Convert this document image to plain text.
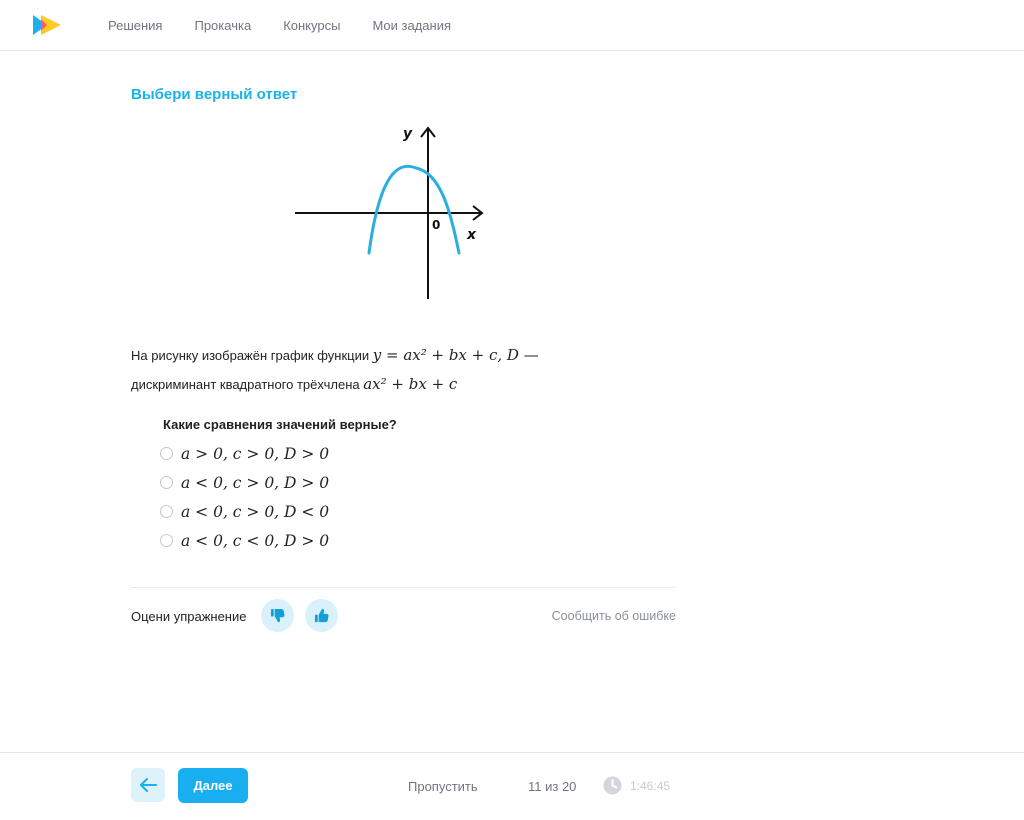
Решения Прокачка Конкурсы Мои задания
Выбери верный ответ
y
x
0
На рисунку изображён график функции y = ax² + bx + c, D —
дискриминант квадратного трёхчлена ax² + bx + c
Какие сравнения значений верные?
a > 0, c > 0, D > 0
a < 0, c > 0, D > 0
a < 0, c > 0, D < 0
a < 0, c < 0, D > 0
Оцени упражнение	Сообщить об ошибке
Далее	Пропустить	11 из 20	1:46:45
